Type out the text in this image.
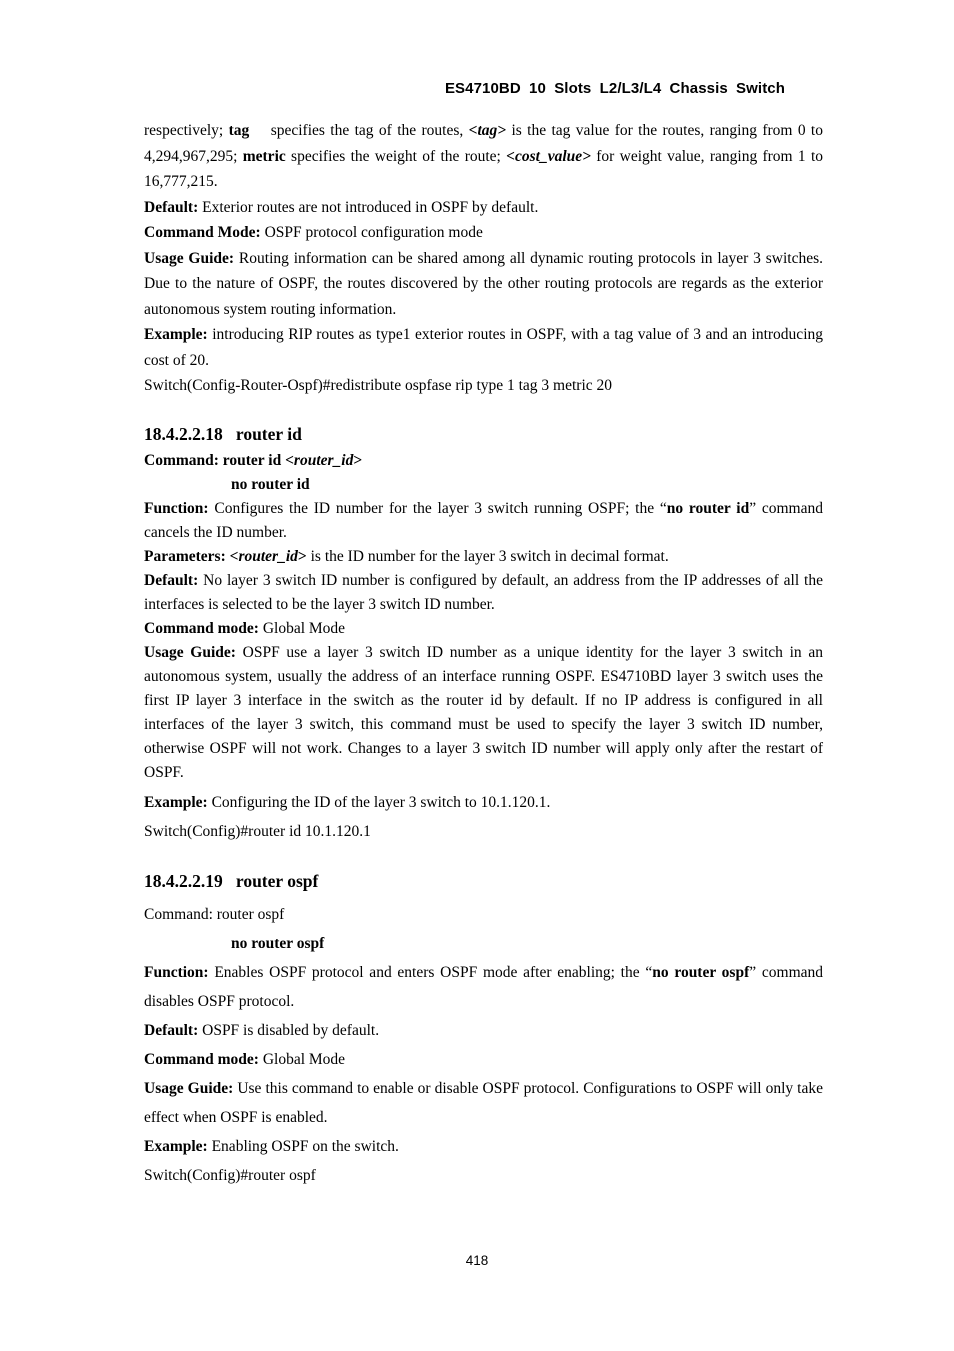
ES4710BD 10 Slots L2/L3/L4 Chassis Switch

respectively; tag    specifies the tag of the routes, <tag> is the tag value for the routes, ranging from 0 to 4,294,967,295; metric specifies the weight of the route; <cost_value> for weight value, ranging from 1 to 16,777,215.

Default: Exterior routes are not introduced in OSPF by default.

Command Mode: OSPF protocol configuration mode

Usage Guide: Routing information can be shared among all dynamic routing protocols in layer 3 switches. Due to the nature of OSPF, the routes discovered by the other routing protocols are regards as the exterior autonomous system routing information.

Example: introducing RIP routes as type1 exterior routes in OSPF, with a tag value of 3 and an introducing cost of 20.

Switch(Config-Router-Ospf)#redistribute ospfase rip type 1 tag 3 metric 20

18.4.2.2.18   router id

Command: router id <router_id>

no router id

Function: Configures the ID number for the layer 3 switch running OSPF; the “no router id” command cancels the ID number.

Parameters: <router_id> is the ID number for the layer 3 switch in decimal format.

Default: No layer 3 switch ID number is configured by default, an address from the IP addresses of all the interfaces is selected to be the layer 3 switch ID number.

Command mode: Global Mode

Usage Guide: OSPF use a layer 3 switch ID number as a unique identity for the layer 3 switch in an autonomous system, usually the address of an interface running OSPF. ES4710BD layer 3 switch uses the first IP layer 3 interface in the switch as the router id by default. If no IP address is configured in all interfaces of the layer 3 switch, this command must be used to specify the layer 3 switch ID number, otherwise OSPF will not work. Changes to a layer 3 switch ID number will apply only after the restart of OSPF.

Example: Configuring the ID of the layer 3 switch to 10.1.120.1.

Switch(Config)#router id 10.1.120.1

18.4.2.2.19   router ospf

Command: router ospf

no router ospf

Function: Enables OSPF protocol and enters OSPF mode after enabling; the “no router ospf” command disables OSPF protocol.

Default: OSPF is disabled by default.

Command mode: Global Mode

Usage Guide: Use this command to enable or disable OSPF protocol. Configurations to OSPF will only take effect when OSPF is enabled.

Example: Enabling OSPF on the switch.

Switch(Config)#router ospf

418
